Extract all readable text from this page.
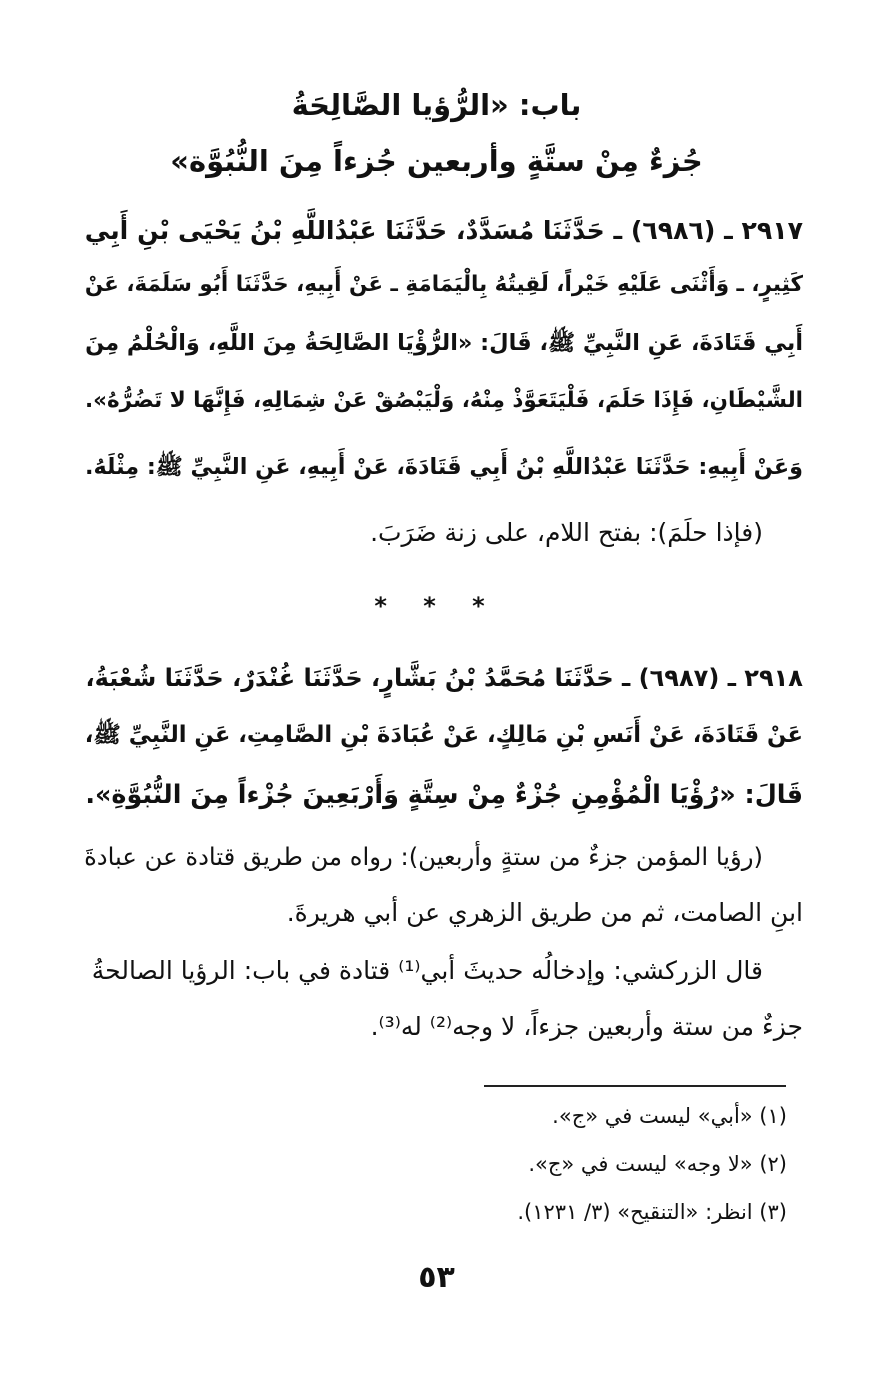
باب: «الرُّؤيا الصَّالِحَةُ
جُزءٌ مِنْ ستَّةٍ وأربعين جُزءاً مِنَ النُّبُوَّة»
٢٩١٧ ـ (٦٩٨٦) ـ حَدَّثَنَا مُسَدَّدٌ، حَدَّثَنَا عَبْدُاللَّهِ بْنُ يَحْيَى بْنِ أَبِي
كَثِيرٍ، ـ وَأَثْنَى عَلَيْهِ خَيْراً، لَقِيتُهُ بِالْيَمَامَةِ ـ عَنْ أَبِيهِ، حَدَّثَنَا أَبُو سَلَمَةَ، عَنْ
أَبِي قَتَادَةَ، عَنِ النَّبِيِّ ﷺ، قَالَ: «الرُّؤْيَا الصَّالِحَةُ مِنَ اللَّهِ، وَالْحُلْمُ مِنَ
الشَّيْطَانِ، فَإِذَا حَلَمَ، فَلْيَتَعَوَّذْ مِنْهُ، وَلْيَبْصُقْ عَنْ شِمَالِهِ، فَإِنَّهَا لا تَضُرُّهُ».
وَعَنْ أَبِيهِ: حَدَّثَنَا عَبْدُاللَّهِ بْنُ أَبِي قَتَادَةَ، عَنْ أَبِيهِ، عَنِ النَّبِيِّ ﷺ: مِثْلَهُ.
(فإذا حلَمَ): بفتح اللام، على زنة ضَرَبَ.
* * *
٢٩١٨ ـ (٦٩٨٧) ـ حَدَّثَنَا مُحَمَّدُ بْنُ بَشَّارٍ، حَدَّثَنَا غُنْدَرٌ، حَدَّثَنَا شُعْبَةُ،
عَنْ قَتَادَةَ، عَنْ أَنَسِ بْنِ مَالِكٍ، عَنْ عُبَادَةَ بْنِ الصَّامِتِ، عَنِ النَّبِيِّ ﷺ،
قَالَ: «رُؤْيَا الْمُؤْمِنِ جُزْءٌ مِنْ سِتَّةٍ وَأَرْبَعِينَ جُزْءاً مِنَ النُّبُوَّةِ».
(رؤيا المؤمن جزءٌ من ستةٍ وأربعين): رواه من طريق قتادة عن عبادةَ
ابنِ الصامت، ثم من طريق الزهري عن أبي هريرةَ.
قال الزركشي: وإدخالُه حديثَ أبي⁽¹⁾ قتادة في باب: الرؤيا الصالحةُ
جزءٌ من ستة وأربعين جزءاً، لا وجه⁽²⁾ له⁽³⁾.
(١) «أبي» ليست في «ج».
(٢) «لا وجه» ليست في «ج».
(٣) انظر: «التنقيح» (٣/ ١٢٣١).
٥٣
